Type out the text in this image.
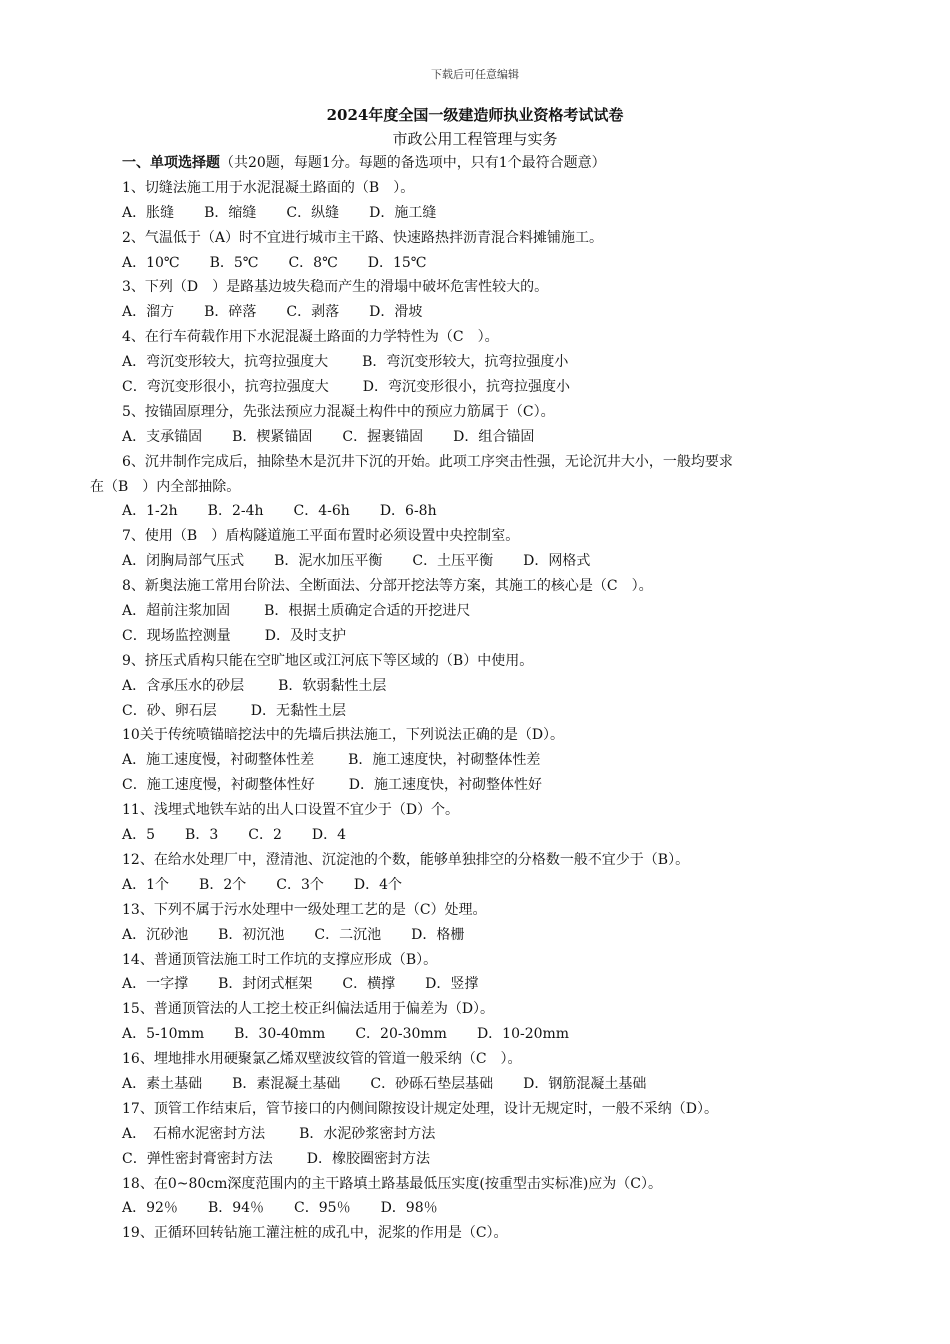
下载后可任意编辑
2024年度全国一级建造师执业资格考试试卷
市政公用工程管理与实务
一、单项选择题（共20题，每题1分。每题的备选项中，只有1个最符合题意）
1、切缝法施工用于水泥混凝土路面的（B　）。
A．胀缝 B．缩缝 C．纵缝 D．施工缝
2、气温低于（A）时不宜进行城市主干路、快速路热拌沥青混合料摊铺施工。
A．10℃ B．5℃ C．8℃ D．15℃
3、下列（D　）是路基边坡失稳而产生的滑塌中破坏危害性较大的。
A．溜方 B．碎落 C．剥落 D．滑坡
4、在行车荷载作用下水泥混凝土路面的力学特性为（C　）。
A．弯沉变形较大，抗弯拉强度大 B．弯沉变形较大，抗弯拉强度小
C．弯沉变形很小，抗弯拉强度大 D．弯沉变形很小，抗弯拉强度小
5、按锚固原理分，先张法预应力混凝土构件中的预应力筋属于（C）。
A．支承锚固 B．楔紧锚固 C．握裹锚固 D．组合锚固
6、沉井制作完成后，抽除垫木是沉井下沉的开始。此项工序突击性强，无论沉井大小，一般均要求
在（B　）内全部抽除。
A．1-2h B．2-4h C．4-6h D．6-8h
7、使用（B　）盾构隧道施工平面布置时必须设置中央控制室。
A．闭胸局部气压式 B．泥水加压平衡 C．土压平衡 D．网格式
8、新奥法施工常用台阶法、全断面法、分部开挖法等方案，其施工的核心是（C　）。
A．超前注浆加固 B．根据土质确定合适的开挖进尺
C．现场监控测量 D．及时支护
9、挤压式盾构只能在空旷地区或江河底下等区域的（B）中使用。
A．含承压水的砂层 B．软弱黏性土层
C．砂、卵石层 D．无黏性土层
10关于传统喷锚暗挖法中的先墙后拱法施工，下列说法正确的是（D）。
A．施工速度慢，衬砌整体性差 B．施工速度快，衬砌整体性差
C．施工速度慢，衬砌整体性好 D．施工速度快，衬砌整体性好
11、浅埋式地铁车站的出人口设置不宜少于（D）个。
A．5 B．3 C．2 D．4
12、在给水处理厂中，澄清池、沉淀池的个数，能够单独排空的分格数一般不宜少于（B）。
A．1个 B．2个 C．3个 D．4个
13、下列不属于污水处理中一级处理工艺的是（C）处理。
A．沉砂池 B．初沉池 C．二沉池 D．格栅
14、普通顶管法施工时工作坑的支撑应形成（B）。
A．一字撑 B．封闭式框架 C．横撑 D．竖撑
15、普通顶管法的人工挖土校正纠偏法适用于偏差为（D）。
A．5-10mm B．30-40mm C．20-30mm D．10-20mm
16、埋地排水用硬聚氯乙烯双壁波纹管的管道一般采纳（C　）。
A．素土基础 B．素混凝土基础 C．砂砾石垫层基础 D．钢筋混凝土基础
17、顶管工作结束后，管节接口的内侧间隙按设计规定处理，设计无规定时，一般不采纳（D）。
A．　石棉水泥密封方法 B．水泥砂浆密封方法
C．弹性密封膏密封方法 D．橡胶圈密封方法
18、在0~80cm深度范围内的主干路填土路基最低压实度(按重型击实标准)应为（C）。
A．92％ B．94％ C．95％ D．98％
19、正循环回转钻施工灌注桩的成孔中，泥浆的作用是（C）。
